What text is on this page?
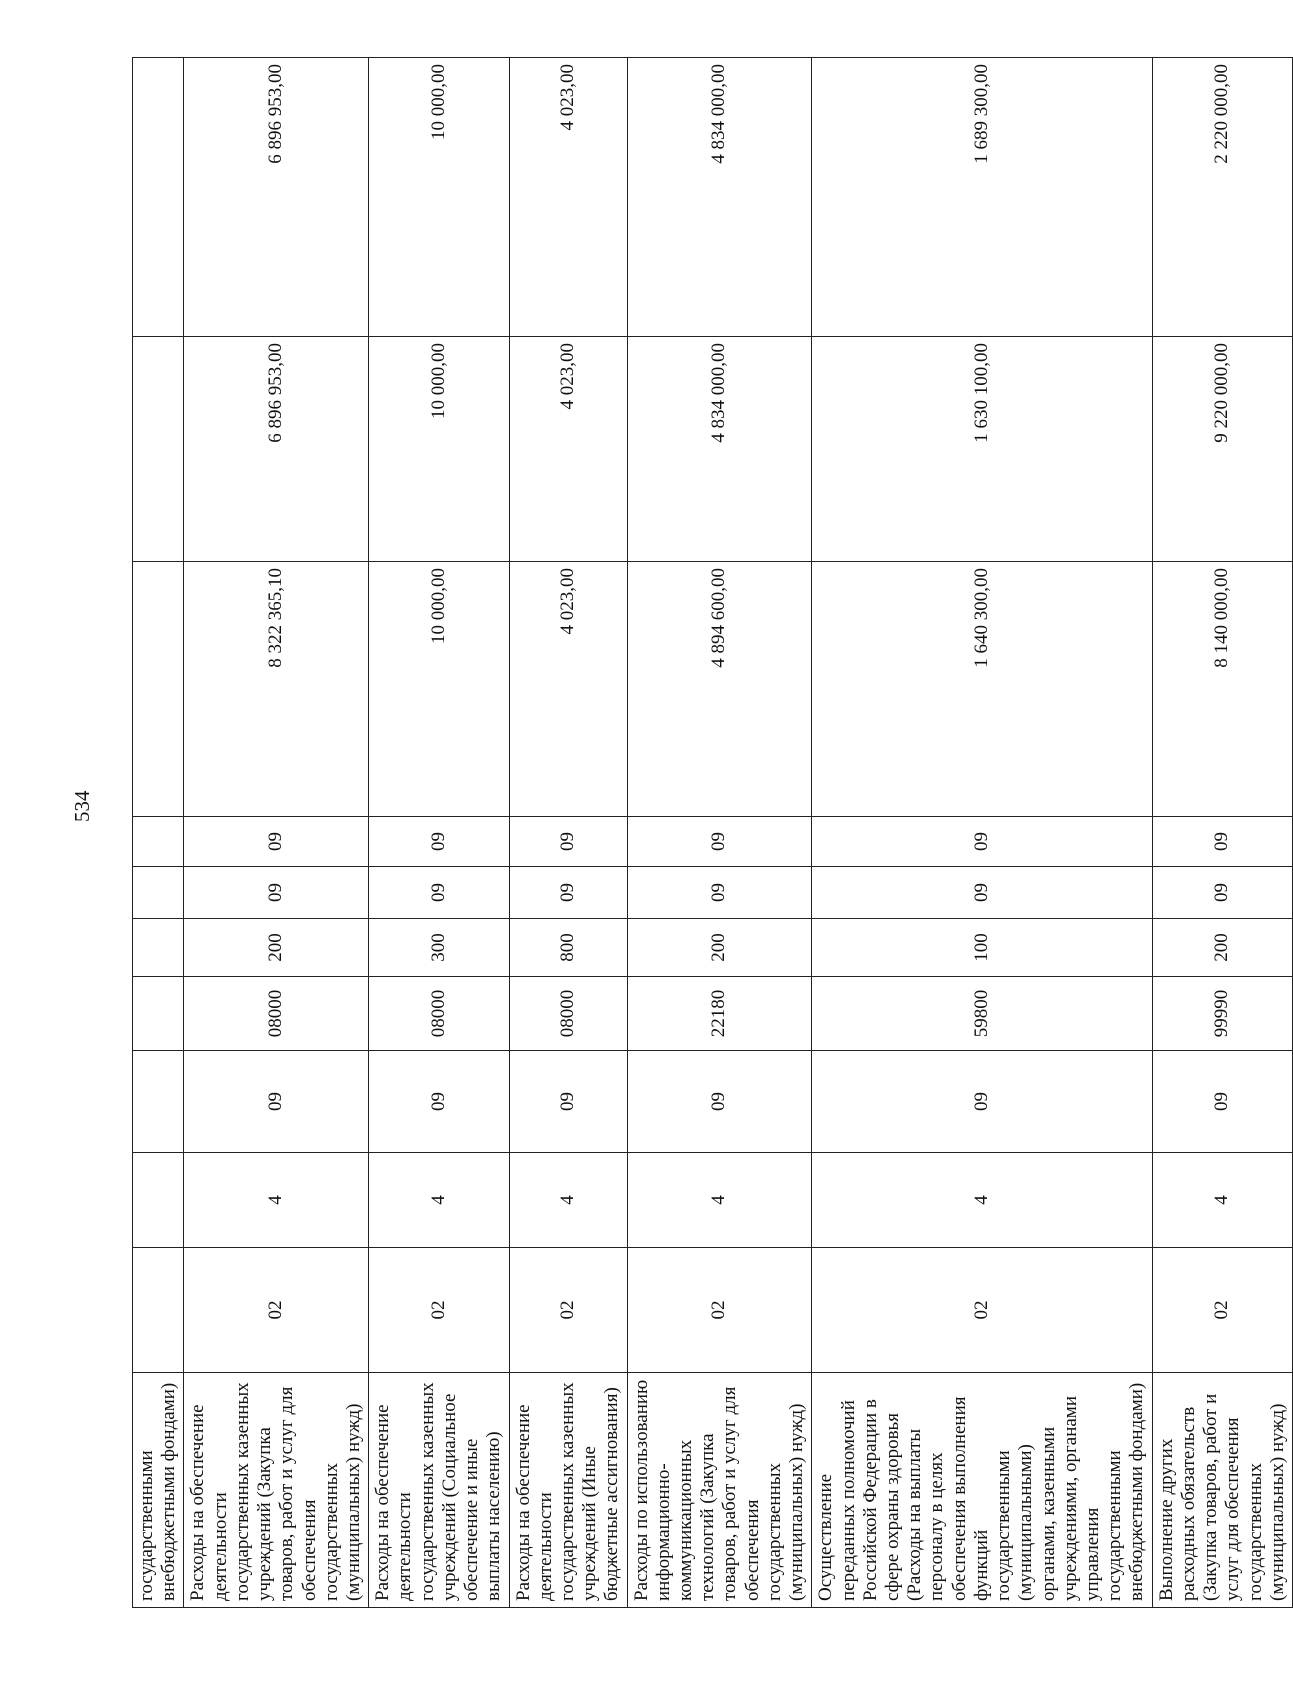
534
государственными внебюджетными фондами)										
Расходы на обеспечение деятельности государственных казенных учреждений (Закупка товаров, работ и услуг для обеспечения государственных (муниципальных) нужд)	02	4	09	08000	200	09	09	8 322 365,10	6 896 953,00	6 896 953,00
Расходы на обеспечение деятельности государственных казенных учреждений (Социальное обеспечение и иные выплаты населению)	02	4	09	08000	300	09	09	10 000,00	10 000,00	10 000,00
Расходы на обеспечение деятельности государственных казенных учреждений (Иные бюджетные ассигнования)	02	4	09	08000	800	09	09	4 023,00	4 023,00	4 023,00
Расходы по использованию информационно-коммуникационных технологий (Закупка товаров, работ и услуг для обеспечения государственных (муниципальных) нужд)	02	4	09	22180	200	09	09	4 894 600,00	4 834 000,00	4 834 000,00
Осуществление переданных полномочий Российской Федерации в сфере охраны здоровья (Расходы на выплаты персоналу в целях обеспечения выполнения функций государственными (муниципальными) органами, казенными учреждениями, органами управления государственными внебюджетными фондами)	02	4	09	59800	100	09	09	1 640 300,00	1 630 100,00	1 689 300,00
Выполнение других расходных обязательств (Закупка товаров, работ и услуг для обеспечения государственных (муниципальных) нужд)	02	4	09	99990	200	09	09	8 140 000,00	9 220 000,00	2 220 000,00
